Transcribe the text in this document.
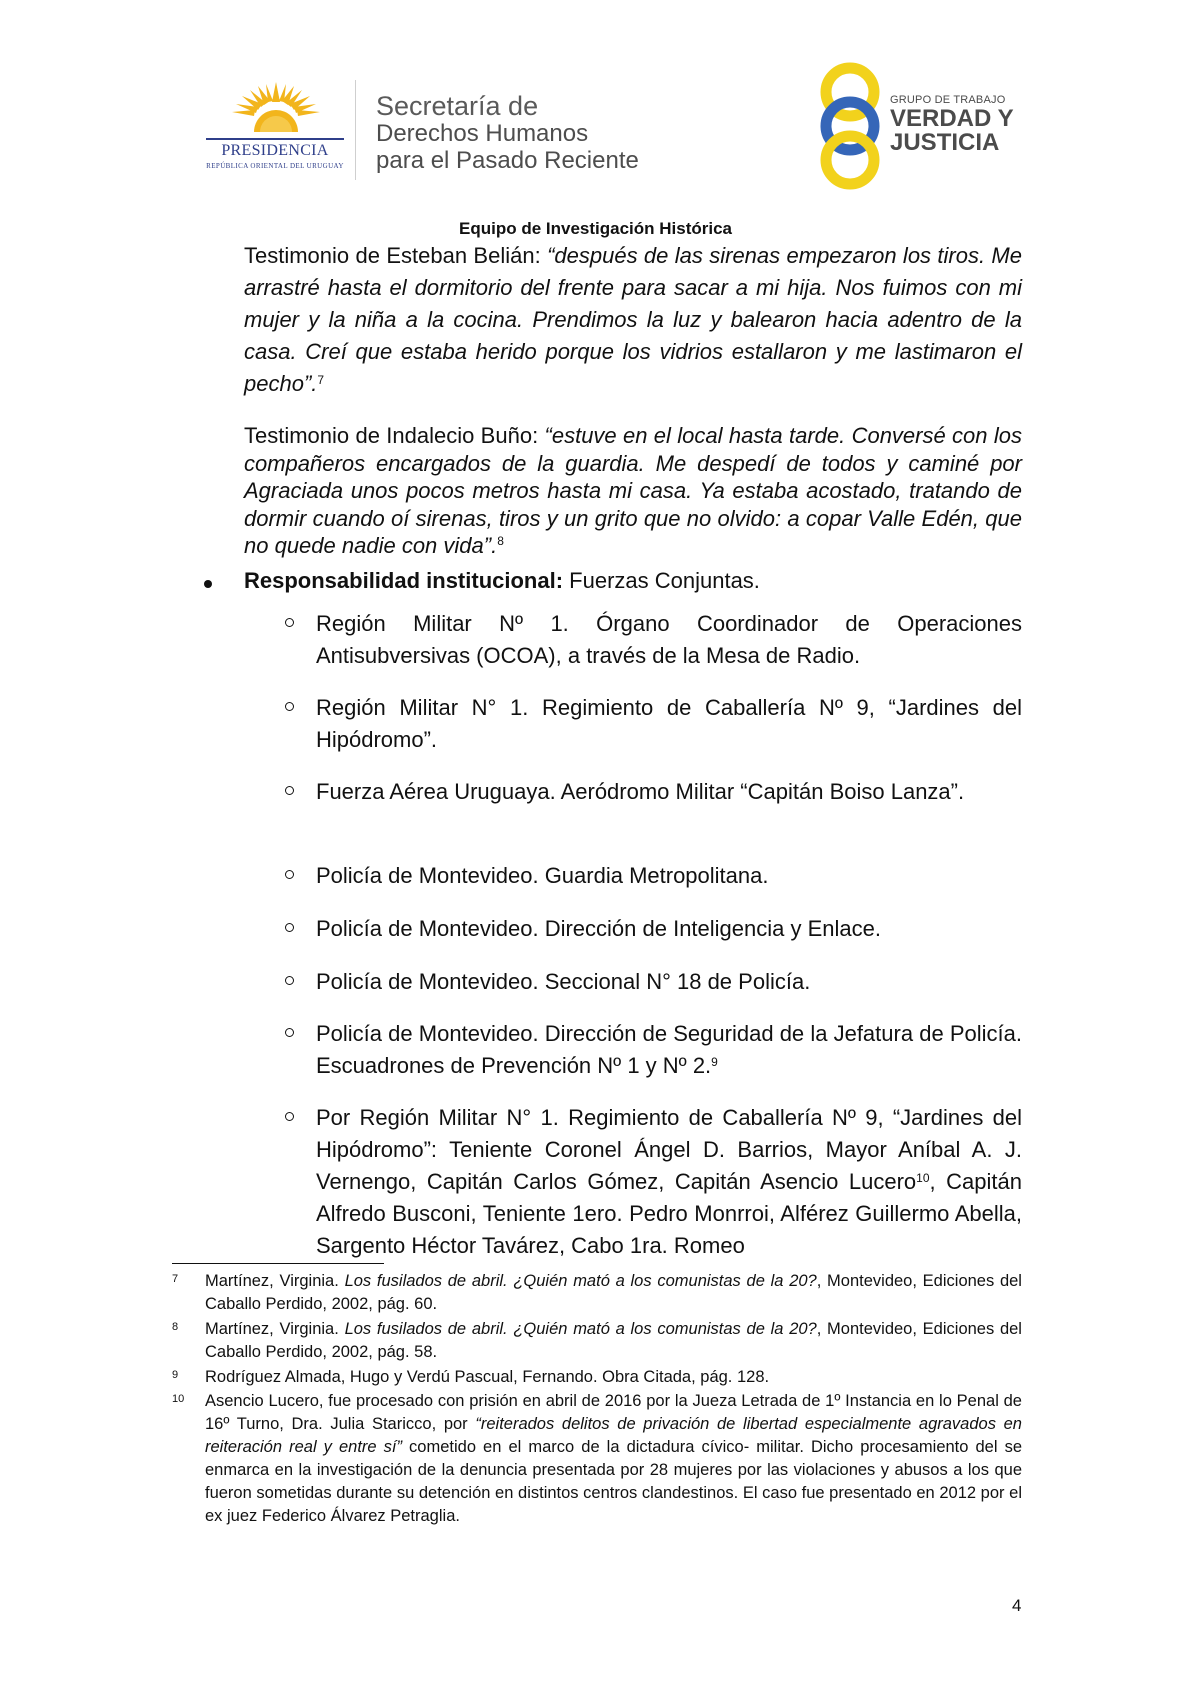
PRESIDENCIA
REPÚBLICA ORIENTAL DEL URUGUAY
Secretaría de
Derechos Humanos
para el Pasado Reciente
GRUPO DE TRABAJO
VERDAD Y
JUSTICIA
Equipo de Investigación Histórica

Testimonio de Esteban Belián: “después de las sirenas empezaron los tiros. Me arrastré hasta el dormitorio del frente para sacar a mi hija. Nos fuimos con mi mujer y la niña a la cocina. Prendimos la luz y balearon hacia adentro de la casa. Creí que estaba herido porque los vidrios estallaron y me lastimaron el pecho”.$^7$

Testimonio de Indalecio Buño: “estuve en el local hasta tarde. Conversé con los compañeros encargados de la guardia. Me despedí de todos y caminé por Agraciada unos pocos metros hasta mi casa. Ya estaba acostado, tratando de dormir cuando oí sirenas, tiros y un grito que no olvido: a copar Valle Edén, que no quede nadie con vida”.$^8$

Responsabilidad institucional: Fuerzas Conjuntas.
Región Militar Nº 1. Órgano Coordinador de Operaciones Antisubversivas (OCOA), a través de la Mesa de Radio.
Región Militar N° 1. Regimiento de Caballería Nº 9, “Jardines del Hipódromo”.
Fuerza Aérea Uruguaya. Aeródromo Militar “Capitán Boiso Lanza”.
Policía de Montevideo. Guardia Metropolitana.
Policía de Montevideo. Dirección de Inteligencia y Enlace.
Policía de Montevideo. Seccional N° 18 de Policía.
Policía de Montevideo. Dirección de Seguridad de la Jefatura de Policía. Escuadrones de Prevención Nº 1 y Nº 2.$^9$
Por Región Militar N° 1. Regimiento de Caballería Nº 9, “Jardines del Hipódromo”: Teniente Coronel Ángel D. Barrios, Mayor Aníbal A. J. Vernengo, Capitán Carlos Gómez, Capitán Asencio Lucero$^{10}$, Capitán Alfredo Busconi, Teniente 1ero. Pedro Monrroi, Alférez Guillermo Abella, Sargento Héctor Tavárez, Cabo 1ra. Romeo
7 Martínez, Virginia. Los fusilados de abril. ¿Quién mató a los comunistas de la 20?, Montevideo, Ediciones del Caballo Perdido, 2002, pág. 60.
8 Martínez, Virginia. Los fusilados de abril. ¿Quién mató a los comunistas de la 20?, Montevideo, Ediciones del Caballo Perdido, 2002, pág. 58.
9 Rodríguez Almada, Hugo y Verdú Pascual, Fernando. Obra Citada, pág. 128.
10 Asencio Lucero, fue procesado con prisión en abril de 2016 por la Jueza Letrada de 1º Instancia en lo Penal de 16º Turno, Dra. Julia Staricco, por “reiterados delitos de privación de libertad especialmente agravados en reiteración real y entre sí” cometido en el marco de la dictadura cívico- militar. Dicho procesamiento del se enmarca en la investigación de la denuncia presentada por 28 mujeres por las violaciones y abusos a los que fueron sometidas durante su detención en distintos centros clandestinos. El caso fue presentado en 2012 por el ex juez Federico Álvarez Petraglia.
4
